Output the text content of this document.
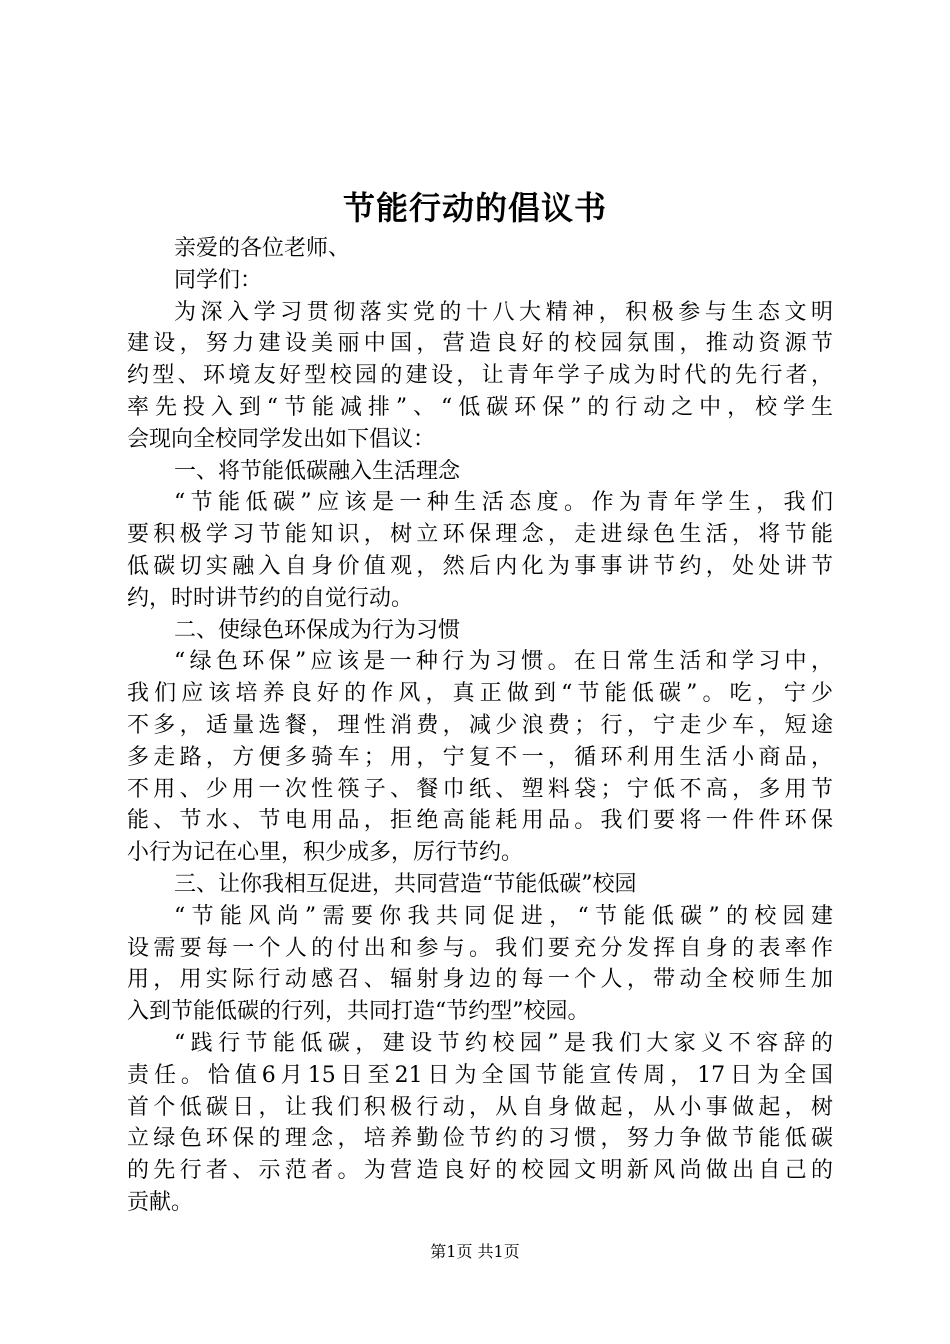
节能行动的倡议书
亲爱的各位老师、
同学们：
为深入学习贯彻落实党的十八大精神，积极参与生态文明
建设，努力建设美丽中国，营造良好的校园氛围，推动资源节
约型、环境友好型校园的建设，让青年学子成为时代的先行者，
率先投入到“节能减排”、“低碳环保”的行动之中，校学生
会现向全校同学发出如下倡议：
一、将节能低碳融入生活理念
“节能低碳”应该是一种生活态度。作为青年学生，我们
要积极学习节能知识，树立环保理念，走进绿色生活，将节能
低碳切实融入自身价值观，然后内化为事事讲节约，处处讲节
约，时时讲节约的自觉行动。
二、使绿色环保成为行为习惯
“绿色环保”应该是一种行为习惯。在日常生活和学习中，
我们应该培养良好的作风，真正做到“节能低碳”。吃，宁少
不多，适量选餐，理性消费，减少浪费；行，宁走少车，短途
多走路，方便多骑车；用，宁复不一，循环利用生活小商品，
不用、少用一次性筷子、餐巾纸、塑料袋；宁低不高，多用节
能、节水、节电用品，拒绝高能耗用品。我们要将一件件环保
小行为记在心里，积少成多，厉行节约。
三、让你我相互促进，共同营造“节能低碳”校园
“节能风尚”需要你我共同促进，“节能低碳”的校园建
设需要每一个人的付出和参与。我们要充分发挥自身的表率作
用，用实际行动感召、辐射身边的每一个人，带动全校师生加
入到节能低碳的行列，共同打造“节约型”校园。
“践行节能低碳，建设节约校园”是我们大家义不容辞的
责任。恰值6月15日至21日为全国节能宣传周，17日为全国
首个低碳日，让我们积极行动，从自身做起，从小事做起，树
立绿色环保的理念，培养勤俭节约的习惯，努力争做节能低碳
的先行者、示范者。为营造良好的校园文明新风尚做出自己的
贡献。
第1页 共1页
